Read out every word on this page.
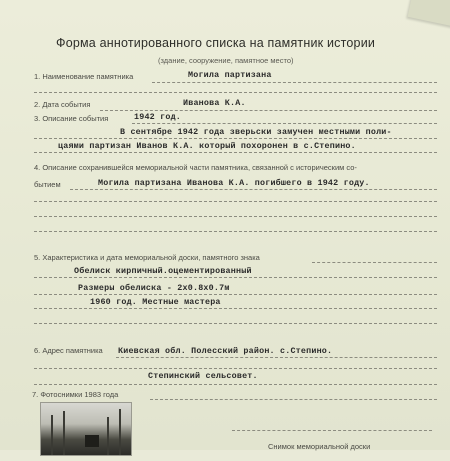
Форма аннотированного списка на памятник истории
(здание, сооружение, памятное место)
1. Наименование памятника	Могила партизана
2. Дата события	Иванова К.А.
3. Описание события	1942 год.
В сентябре 1942 года зверьски замучен местными поли-
цаями партизан Иванов К.А. который похоронен в с.Степино.
4. Описание сохранившейся мемориальной части памятника, связанной с историческим со-
бытием	Могила партизана Иванова К.А. погибшего в 1942 году.
5. Характеристика и дата мемориальной доски, памятного знака
Обелиск кирпичный.оцементированный
Размеры обелиска - 2х0.8х0.7м
1960 год. Местные мастера
6. Адрес памятника Киевская обл. Полесский район. с.Степино.
Степинский сельсовет.
7. Фотоснимки 1983 года
Снимок мемориальной доски
